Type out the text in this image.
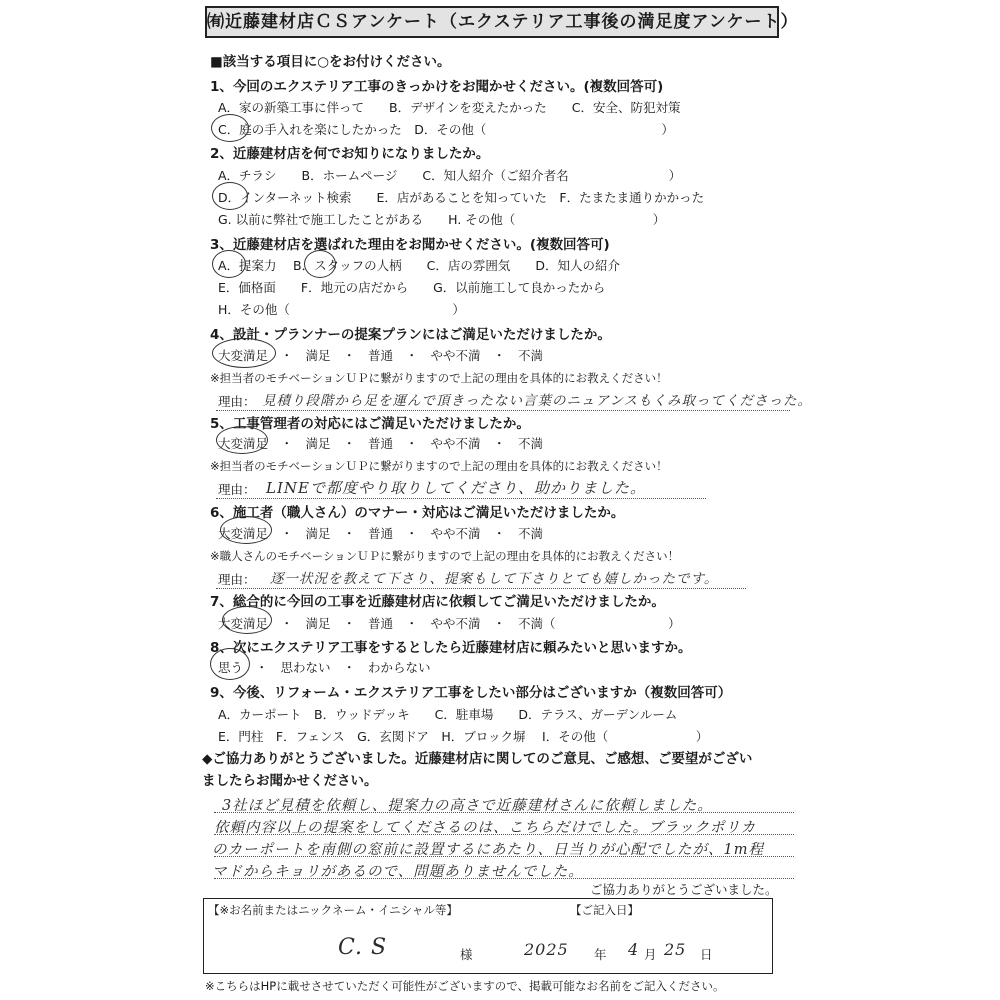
㈲近藤建材店ＣＳアンケート（エクステリア工事後の満足度アンケート）
■該当する項目に○をお付けください。
1、今回のエクステリア工事のきっかけをお聞かせください。(複数回答可)
A．家の新築工事に伴って　　B．デザインを変えたかった　　C．安全、防犯対策
C．庭の手入れを楽にしたかった　D．その他（　　　　　　　　　　　　　　）
2、近藤建材店を何でお知りになりましたか。
A．チラシ　　B．ホームページ　　C．知人紹介（ご紹介者名　　　　　　　　）
D．インターネット検索　　E．店があることを知っていた　F．たまたま通りかかった
G. 以前に弊社で施工したことがある　　H. その他（　　　　　　　　　　　）
3、近藤建材店を選ばれた理由をお聞かせください。(複数回答可)
A．提案力　 B．スタッフの人柄　　C．店の雰囲気　　D．知人の紹介
E．価格面　　F．地元の店だから　　G．以前施工して良かったから
H．その他（　　　　　　　　　　　　　）
4、設計・プランナーの提案プランにはご満足いただけましたか。
大変満足　・　満足　・　普通　・　やや不満　・　不満
※担当者のモチベーションＵＰに繋がりますので上記の理由を具体的にお教えください！
理由： 見積り段階から足を運んで頂きったない言葉のニュアンスもくみ取ってくださった。
5、工事管理者の対応にはご満足いただけましたか。
大変満足　・　満足　・　普通　・　やや不満　・　不満
※担当者のモチベーションＵＰに繋がりますので上記の理由を具体的にお教えください！
理由： LINEで都度やり取りしてくださり、助かりました。
6、施工者（職人さん）のマナー・対応はご満足いただけましたか。
大変満足　・　満足　・　普通　・　やや不満　・　不満
※職人さんのモチベーションＵＰに繋がりますので上記の理由を具体的にお教えください！
理由： 逐一状況を教えて下さり、提案もして下さりとても嬉しかったです。
7、総合的に今回の工事を近藤建材店に依頼してご満足いただけましたか。
大変満足　・　満足　・　普通　・　やや不満　・　不満（　　　　　　　　　）
8、次にエクステリア工事をするとしたら近藤建材店に頼みたいと思いますか。
思う　・　思わない　・　わからない
9、今後、リフォーム・エクステリア工事をしたい部分はございますか（複数回答可）
A．カーポート　B．ウッドデッキ　　C．駐車場　　D．テラス、ガーデンルーム
E．門柱　F．フェンス　G．玄関ドア　H．ブロック塀　 I．その他（　　　　　　　）
◆ご協力ありがとうございました。近藤建材店に関してのご意見、ご感想、ご要望がござい
ましたらお聞かせください。
3社ほど見積を依頼し、提案力の高さで近藤建材さんに依頼しました。
依頼内容以上の提案をしてくださるのは、こちらだけでした。ブラックポリカ
のカーポートを南側の窓前に設置するにあたり、日当りが心配でしたが、1m程
マドからキョリがあるので、問題ありませんでした。
ご協力ありがとうございました。
【※お名前またはニックネーム・イニシャル等】	【ご記入日】
C. S	様	2025 年 4 月 25 日
※こちらはHPに載せさせていただく可能性がございますので、掲載可能なお名前をご記入ください。
